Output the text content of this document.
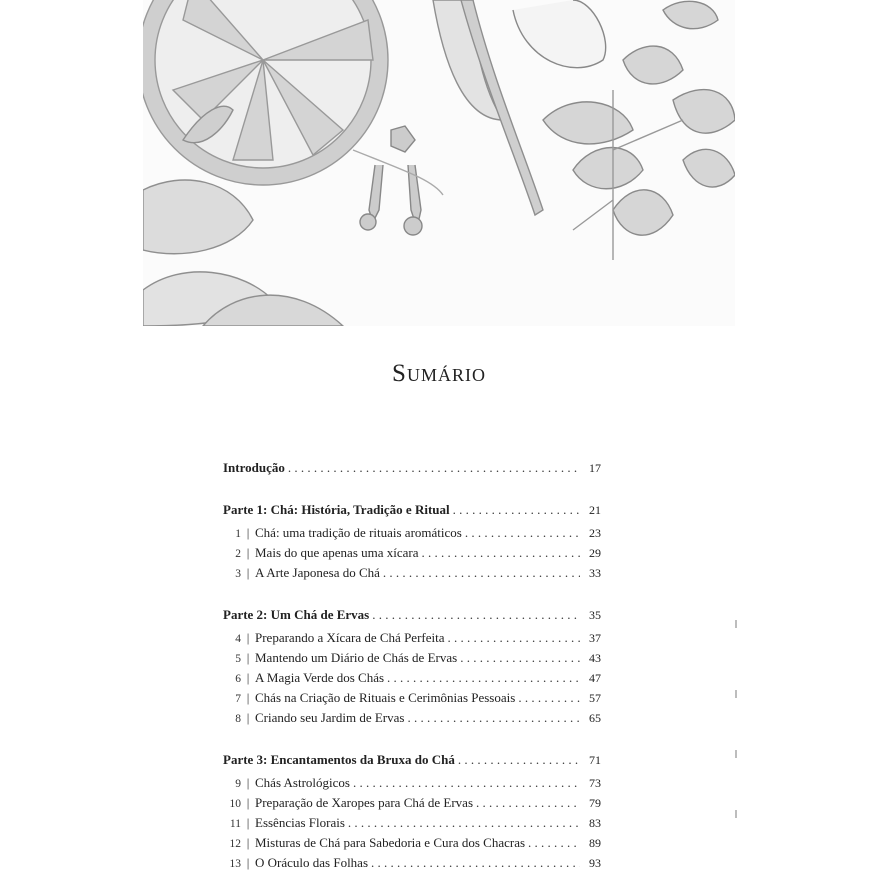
Sumário
Introdução . . .	17
Parte 1: Chá: História, Tradição e Ritual . . .	21
1 | Chá: uma tradição de rituais aromáticos . . .	23
2 | Mais do que apenas uma xícara . . .	29
3 | A Arte Japonesa do Chá . . .	33
Parte 2: Um Chá de Ervas . . .	35
4 | Preparando a Xícara de Chá Perfeita . . .	37
5 | Mantendo um Diário de Chás de Ervas . . .	43
6 | A Magia Verde dos Chás . . .	47
7 | Chás na Criação de Rituais e Cerimônias Pessoais . . .	57
8 | Criando seu Jardim de Ervas . . .	65
Parte 3: Encantamentos da Bruxa do Chá . . .	71
9 | Chás Astrológicos . . .	73
10 | Preparação de Xaropes para Chá de Ervas . . .	79
11 | Essências Florais . . .	83
12 | Misturas de Chá para Sabedoria e Cura dos Chacras . . .	89
13 | O Oráculo das Folhas . . .	93
